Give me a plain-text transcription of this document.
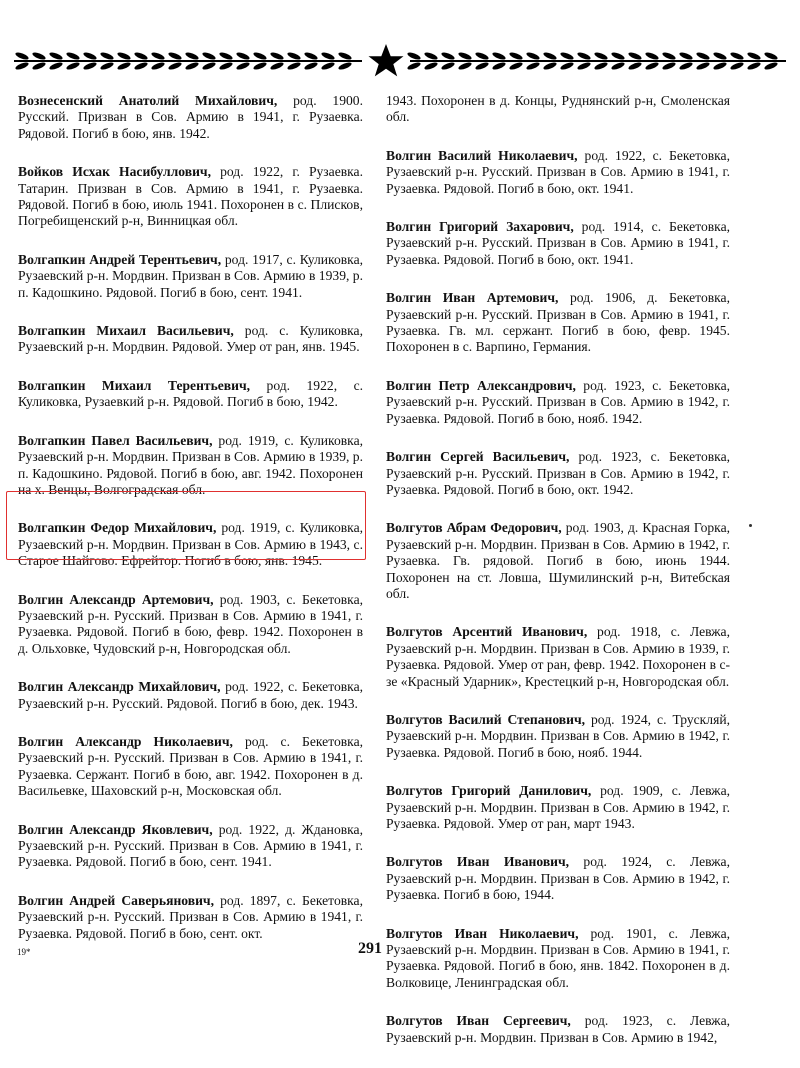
Вознесенский Анатолий Михайлович, род. 1900. Русский. Призван в Сов. Армию в 1941, г. Рузаевка. Рядовой. Погиб в бою, янв. 1942.
Войков Исхак Насибуллович, род. 1922, г. Рузаевка. Татарин. Призван в Сов. Армию в 1941, г. Рузаевка. Рядовой. Погиб в бою, июль 1941. Похоронен в с. Плисков, Погребищенский р-н, Винницкая обл.
Волгапкин Андрей Терентьевич, род. 1917, с. Куликовка, Рузаевский р-н. Мордвин. Призван в Сов. Армию в 1939, р. п. Кадошкино. Рядовой. Погиб в бою, сент. 1941.
Волгапкин Михаил Васильевич, род. с. Куликовка, Рузаевский р-н. Мордвин. Рядовой. Умер от ран, янв. 1945.
Волгапкин Михаил Терентьевич, род. 1922, с. Куликовка, Рузаевкий р-н. Рядовой. Погиб в бою, 1942.
Волгапкин Павел Васильевич, род. 1919, с. Куликовка, Рузаевский р-н. Мордвин. Призван в Сов. Армию в 1939, р. п. Кадошкино. Рядовой. Погиб в бою, авг. 1942. Похоронен на х. Венцы, Волгоградская обл.
Волгапкин Федор Михайлович, род. 1919, с. Куликовка, Рузаевский р-н. Мордвин. Призван в Сов. Армию в 1943, с. Старое Шайгово. Ефрейтор. Погиб в бою, янв. 1945.
Волгин Александр Артемович, род. 1903, с. Бекетовка, Рузаевский р-н. Русский. Призван в Сов. Армию в 1941, г. Рузаевка. Рядовой. Погиб в бою, февр. 1942. Похоронен в д. Ольховке, Чудовский р-н, Новгородская обл.
Волгин Александр Михайлович, род. 1922, с. Бекетовка, Рузаевский р-н. Русский. Рядовой. Погиб в бою, дек. 1943.
Волгин Александр Николаевич, род. с. Бекетовка, Рузаевский р-н. Русский. Призван в Сов. Армию в 1941, г. Рузаевка. Сержант. Погиб в бою, авг. 1942. Похоронен в д. Васильевке, Шаховский р-н, Московская обл.
Волгин Александр Яковлевич, род. 1922, д. Ждановка, Рузаевский р-н. Русский. Призван в Сов. Армию в 1941, г. Рузаевка. Рядовой. Погиб в бою, сент. 1941.
Волгин Андрей Саверьянович, род. 1897, с. Бекетовка, Рузаевский р-н. Русский. Призван в Сов. Армию в 1941, г. Рузаевка. Рядовой. Погиб в бою, сент. окт.
1943. Похоронен в д. Концы, Руднянский р-н, Смоленская обл.
Волгин Василий Николаевич, род. 1922, с. Бекетовка, Рузаевский р-н. Русский. Призван в Сов. Армию в 1941, г. Рузаевка. Рядовой. Погиб в бою, окт. 1941.
Волгин Григорий Захарович, род. 1914, с. Бекетовка, Рузаевский р-н. Русский. Призван в Сов. Армию в 1941, г. Рузаевка. Рядовой. Погиб в бою, окт. 1941.
Волгин Иван Артемович, род. 1906, д. Бекетовка, Рузаевский р-н. Русский. Призван в Сов. Армию в 1941, г. Рузаевка. Гв. мл. сержант. Погиб в бою, февр. 1945. Похоронен в с. Варпино, Германия.
Волгин Петр Александрович, род. 1923, с. Бекетовка, Рузаевский р-н. Русский. Призван в Сов. Армию в 1942, г. Рузаевка. Рядовой. Погиб в бою, нояб. 1942.
Волгин Сергей Васильевич, род. 1923, с. Бекетовка, Рузаевский р-н. Русский. Призван в Сов. Армию в 1942, г. Рузаевка. Рядовой. Погиб в бою, окт. 1942.
Волгутов Абрам Федорович, род. 1903, д. Красная Горка, Рузаевский р-н. Мордвин. Призван в Сов. Армию в 1942, г. Рузаевка. Гв. рядовой. Погиб в бою, июнь 1944. Похоронен на ст. Ловша, Шумилинский р-н, Витебская обл.
Волгутов Арсентий Иванович, род. 1918, с. Левжа, Рузаевский р-н. Мордвин. Призван в Сов. Армию в 1939, г. Рузаевка. Рядовой. Умер от ран, февр. 1942. Похоронен в с-зе «Красный Ударник», Крестецкий р-н, Новгородская обл.
Волгутов Василий Степанович, род. 1924, с. Трускляй, Рузаевский р-н. Мордвин. Призван в Сов. Армию в 1942, г. Рузаевка. Рядовой. Погиб в бою, нояб. 1944.
Волгутов Григорий Данилович, род. 1909, с. Левжа, Рузаевский р-н. Мордвин. Призван в Сов. Армию в 1942, г. Рузаевка. Рядовой. Умер от ран, март 1943.
Волгутов Иван Иванович, род. 1924, с. Левжа, Рузаевский р-н. Мордвин. Призван в Сов. Армию в 1942, г. Рузаевка. Погиб в бою, 1944.
Волгутов Иван Николаевич, род. 1901, с. Левжа, Рузаевский р-н. Мордвин. Призван в Сов. Армию в 1941, г. Рузаевка. Рядовой. Погиб в бою, янв. 1842. Похоронен в д. Волковице, Ленинградская обл.
Волгутов Иван Сергеевич, род. 1923, с. Левжа, Рузаевский р-н. Мордвин. Призван в Сов. Армию в 1942,
291
19*
